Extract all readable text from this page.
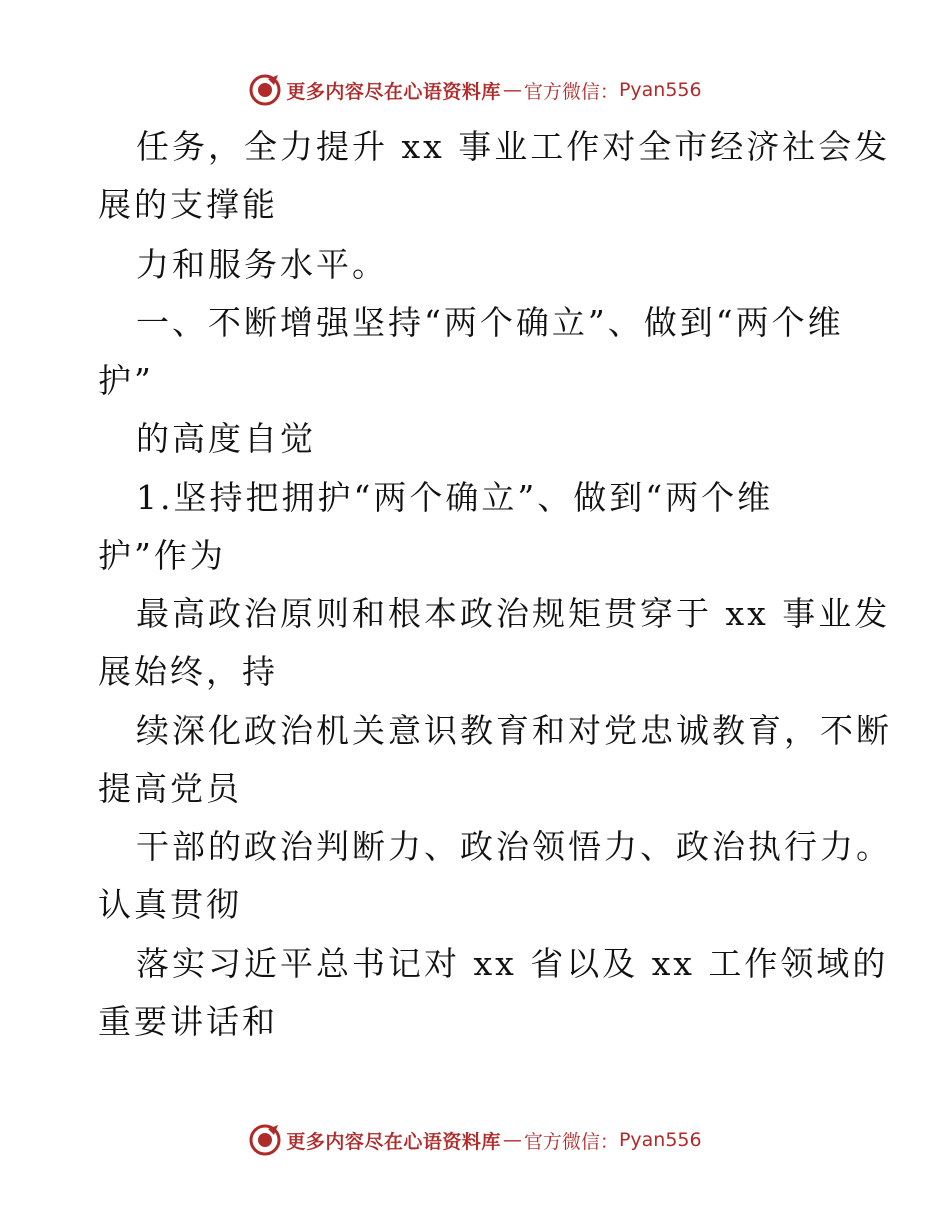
更多内容尽在心语资料库 — 官方微信： Pyan556
任务，全力提升 xx 事业工作对全市经济社会发
展的支撑能
力和服务水平。
一、不断增强坚持“两个确立”、做到“两个维
护”
的高度自觉
1.坚持把拥护“两个确立”、做到“两个维
护”作为
最高政治原则和根本政治规矩贯穿于 xx 事业发
展始终，持
续深化政治机关意识教育和对党忠诚教育，不断
提高党员
干部的政治判断力、政治领悟力、政治执行力。
认真贯彻
落实习近平总书记对 xx 省以及 xx 工作领域的
重要讲话和
更多内容尽在心语资料库 — 官方微信： Pyan556
